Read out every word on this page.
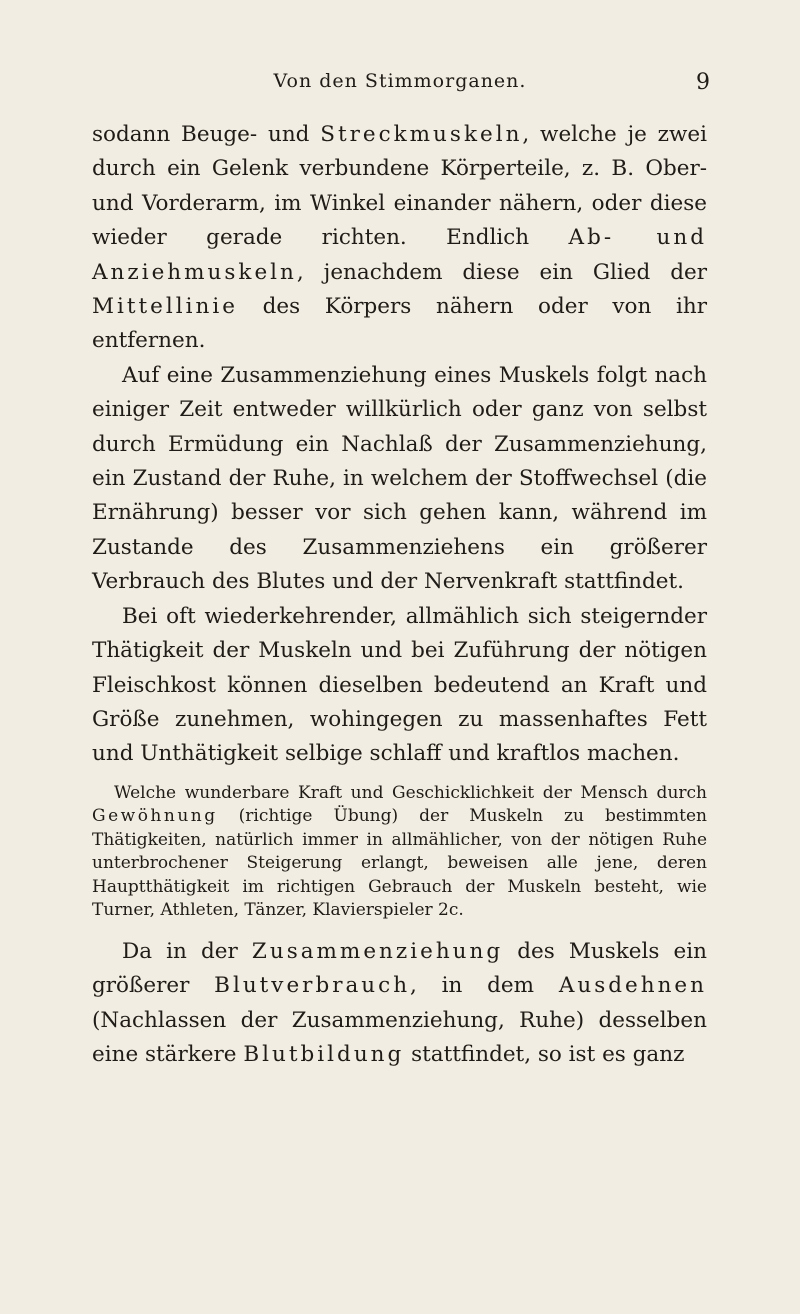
Von den Stimmorganen.	9

sodann Beuge- und Streckmuskeln, welche je zwei durch ein Gelenk verbundene Körperteile, z. B. Ober- und Vorderarm, im Winkel einander nähern, oder diese wieder gerade richten. Endlich Ab- und Anziehmuskeln, jenachdem diese ein Glied der Mittellinie des Körpers nähern oder von ihr entfernen.

Auf eine Zusammenziehung eines Muskels folgt nach einiger Zeit entweder willkürlich oder ganz von selbst durch Ermüdung ein Nachlaß der Zusammenziehung, ein Zustand der Ruhe, in welchem der Stoffwechsel (die Ernährung) besser vor sich gehen kann, während im Zustande des Zusammenziehens ein größerer Verbrauch des Blutes und der Nervenkraft stattfindet.

Bei oft wiederkehrender, allmählich sich steigernder Thätigkeit der Muskeln und bei Zuführung der nötigen Fleischkost können dieselben bedeutend an Kraft und Größe zunehmen, wohingegen zu massenhaftes Fett und Unthätigkeit selbige schlaff und kraftlos machen.

Welche wunderbare Kraft und Geschicklichkeit der Mensch durch Gewöhnung (richtige Übung) der Muskeln zu bestimmten Thätigkeiten, natürlich immer in allmählicher, von der nötigen Ruhe unterbrochener Steigerung erlangt, beweisen alle jene, deren Hauptthätigkeit im richtigen Gebrauch der Muskeln besteht, wie Turner, Athleten, Tänzer, Klavierspieler 2c.

Da in der Zusammenziehung des Muskels ein größerer Blutverbrauch, in dem Ausdehnen (Nachlassen der Zusammenziehung, Ruhe) desselben eine stärkere Blutbildung stattfindet, so ist es ganz
